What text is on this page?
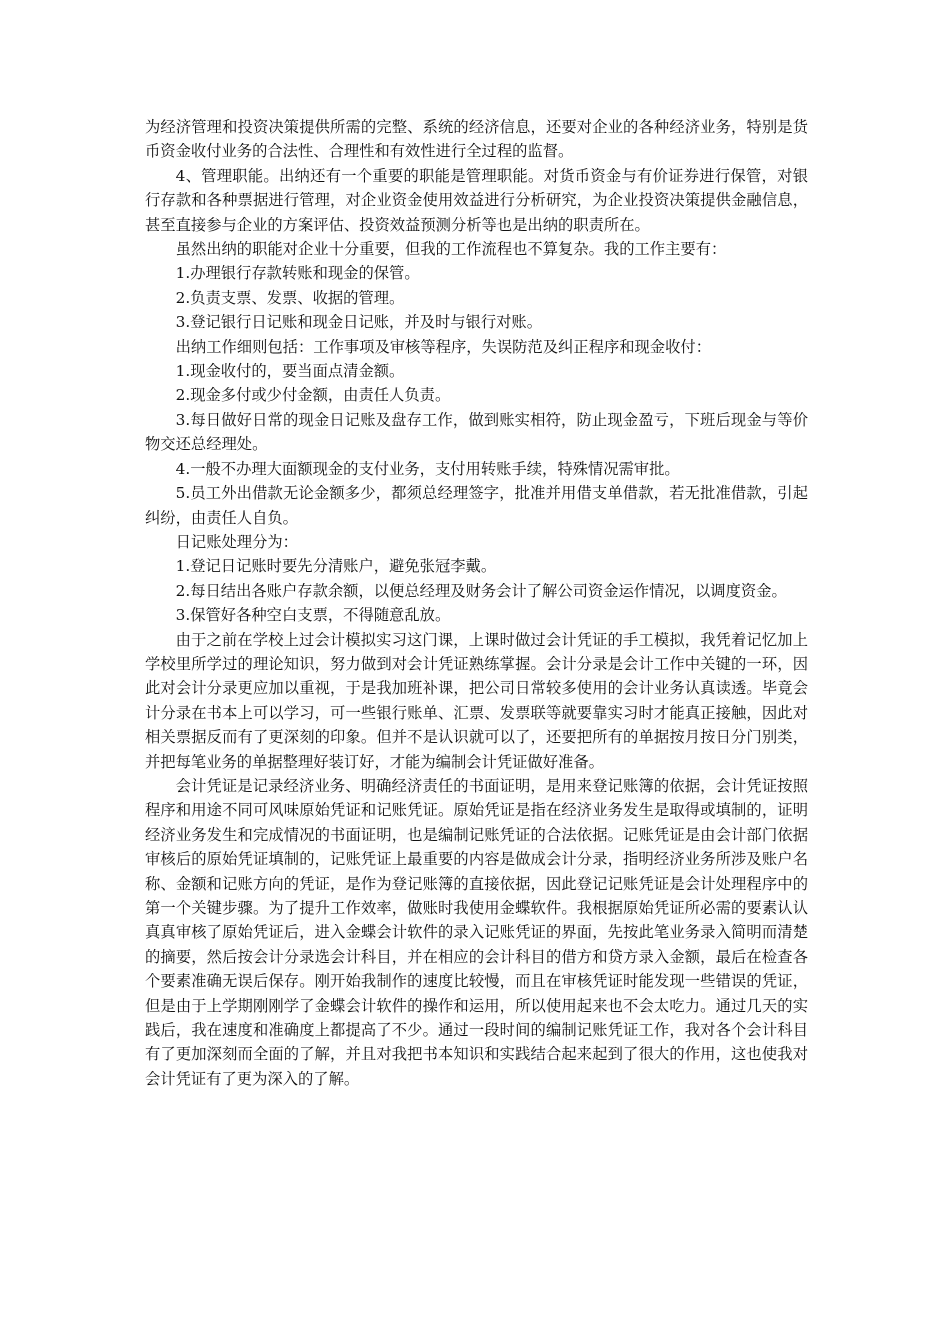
为经济管理和投资决策提供所需的完整、系统的经济信息，还要对企业的各种经济业务，特别是货币资金收付业务的合法性、合理性和有效性进行全过程的监督。

4、管理职能。出纳还有一个重要的职能是管理职能。对货币资金与有价证券进行保管，对银行存款和各种票据进行管理，对企业资金使用效益进行分析研究，为企业投资决策提供金融信息，甚至直接参与企业的方案评估、投资效益预测分析等也是出纳的职责所在。

虽然出纳的职能对企业十分重要，但我的工作流程也不算复杂。我的工作主要有：

1.办理银行存款转账和现金的保管。

2.负责支票、发票、收据的管理。

3.登记银行日记账和现金日记账，并及时与银行对账。

出纳工作细则包括：工作事项及审核等程序，失误防范及纠正程序和现金收付：

1.现金收付的，要当面点清金额。

2.现金多付或少付金额，由责任人负责。

3.每日做好日常的现金日记账及盘存工作，做到账实相符，防止现金盈亏，下班后现金与等价物交还总经理处。

4.一般不办理大面额现金的支付业务，支付用转账手续，特殊情况需审批。

5.员工外出借款无论金额多少，都须总经理签字，批准并用借支单借款，若无批准借款，引起纠纷，由责任人自负。

日记账处理分为：

1.登记日记账时要先分清账户，避免张冠李戴。

2.每日结出各账户存款余额，以便总经理及财务会计了解公司资金运作情况，以调度资金。

3.保管好各种空白支票，不得随意乱放。

由于之前在学校上过会计模拟实习这门课，上课时做过会计凭证的手工模拟，我凭着记忆加上学校里所学过的理论知识，努力做到对会计凭证熟练掌握。会计分录是会计工作中关键的一环，因此对会计分录更应加以重视，于是我加班补课，把公司日常较多使用的会计业务认真读透。毕竟会计分录在书本上可以学习，可一些银行账单、汇票、发票联等就要靠实习时才能真正接触，因此对相关票据反而有了更深刻的印象。但并不是认识就可以了，还要把所有的单据按月按日分门别类，并把每笔业务的单据整理好装订好，才能为编制会计凭证做好准备。

会计凭证是记录经济业务、明确经济责任的书面证明，是用来登记账簿的依据，会计凭证按照程序和用途不同可风味原始凭证和记账凭证。原始凭证是指在经济业务发生是取得或填制的，证明经济业务发生和完成情况的书面证明，也是编制记账凭证的合法依据。记账凭证是由会计部门依据审核后的原始凭证填制的，记账凭证上最重要的内容是做成会计分录，指明经济业务所涉及账户名称、金额和记账方向的凭证，是作为登记账簿的直接依据，因此登记记账凭证是会计处理程序中的第一个关键步骤。为了提升工作效率，做账时我使用金蝶软件。我根据原始凭证所必需的要素认认真真审核了原始凭证后，进入金蝶会计软件的录入记账凭证的界面，先按此笔业务录入简明而清楚的摘要，然后按会计分录选会计科目，并在相应的会计科目的借方和贷方录入金额，最后在检查各个要素准确无误后保存。刚开始我制作的速度比较慢，而且在审核凭证时能发现一些错误的凭证，但是由于上学期刚刚学了金蝶会计软件的操作和运用，所以使用起来也不会太吃力。通过几天的实践后，我在速度和准确度上都提高了不少。通过一段时间的编制记账凭证工作，我对各个会计科目有了更加深刻而全面的了解，并且对我把书本知识和实践结合起来起到了很大的作用，这也使我对会计凭证有了更为深入的了解。
